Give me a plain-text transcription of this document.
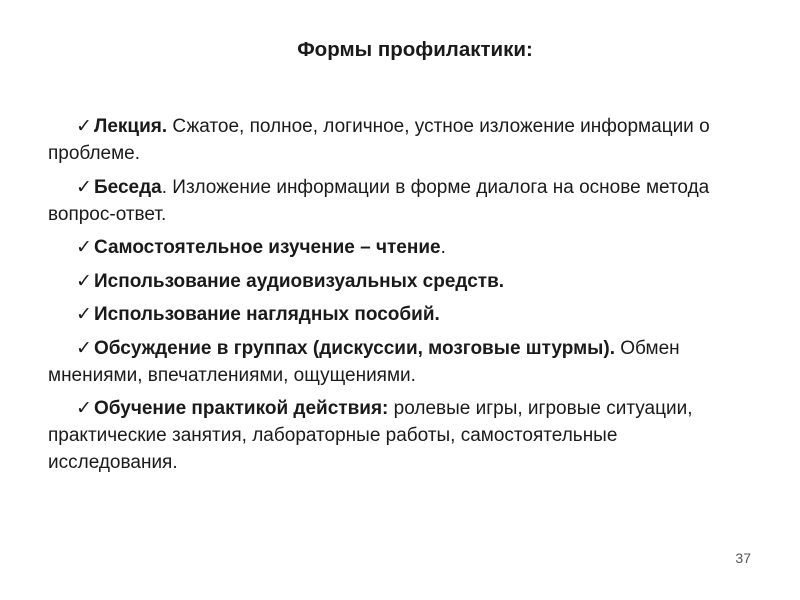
Формы профилактики:
✓ Лекция. Сжатое, полное, логичное, устное изложение информации о проблеме.
✓ Беседа. Изложение информации в форме диалога на основе метода вопрос-ответ.
✓ Самостоятельное изучение – чтение.
✓ Использование аудиовизуальных средств.
✓ Использование наглядных пособий.
✓ Обсуждение в группах (дискуссии, мозговые штурмы). Обмен мнениями, впечатлениями, ощущениями.
✓ Обучение практикой действия: ролевые игры, игровые ситуации, практические занятия, лабораторные работы, самостоятельные исследования.
37
